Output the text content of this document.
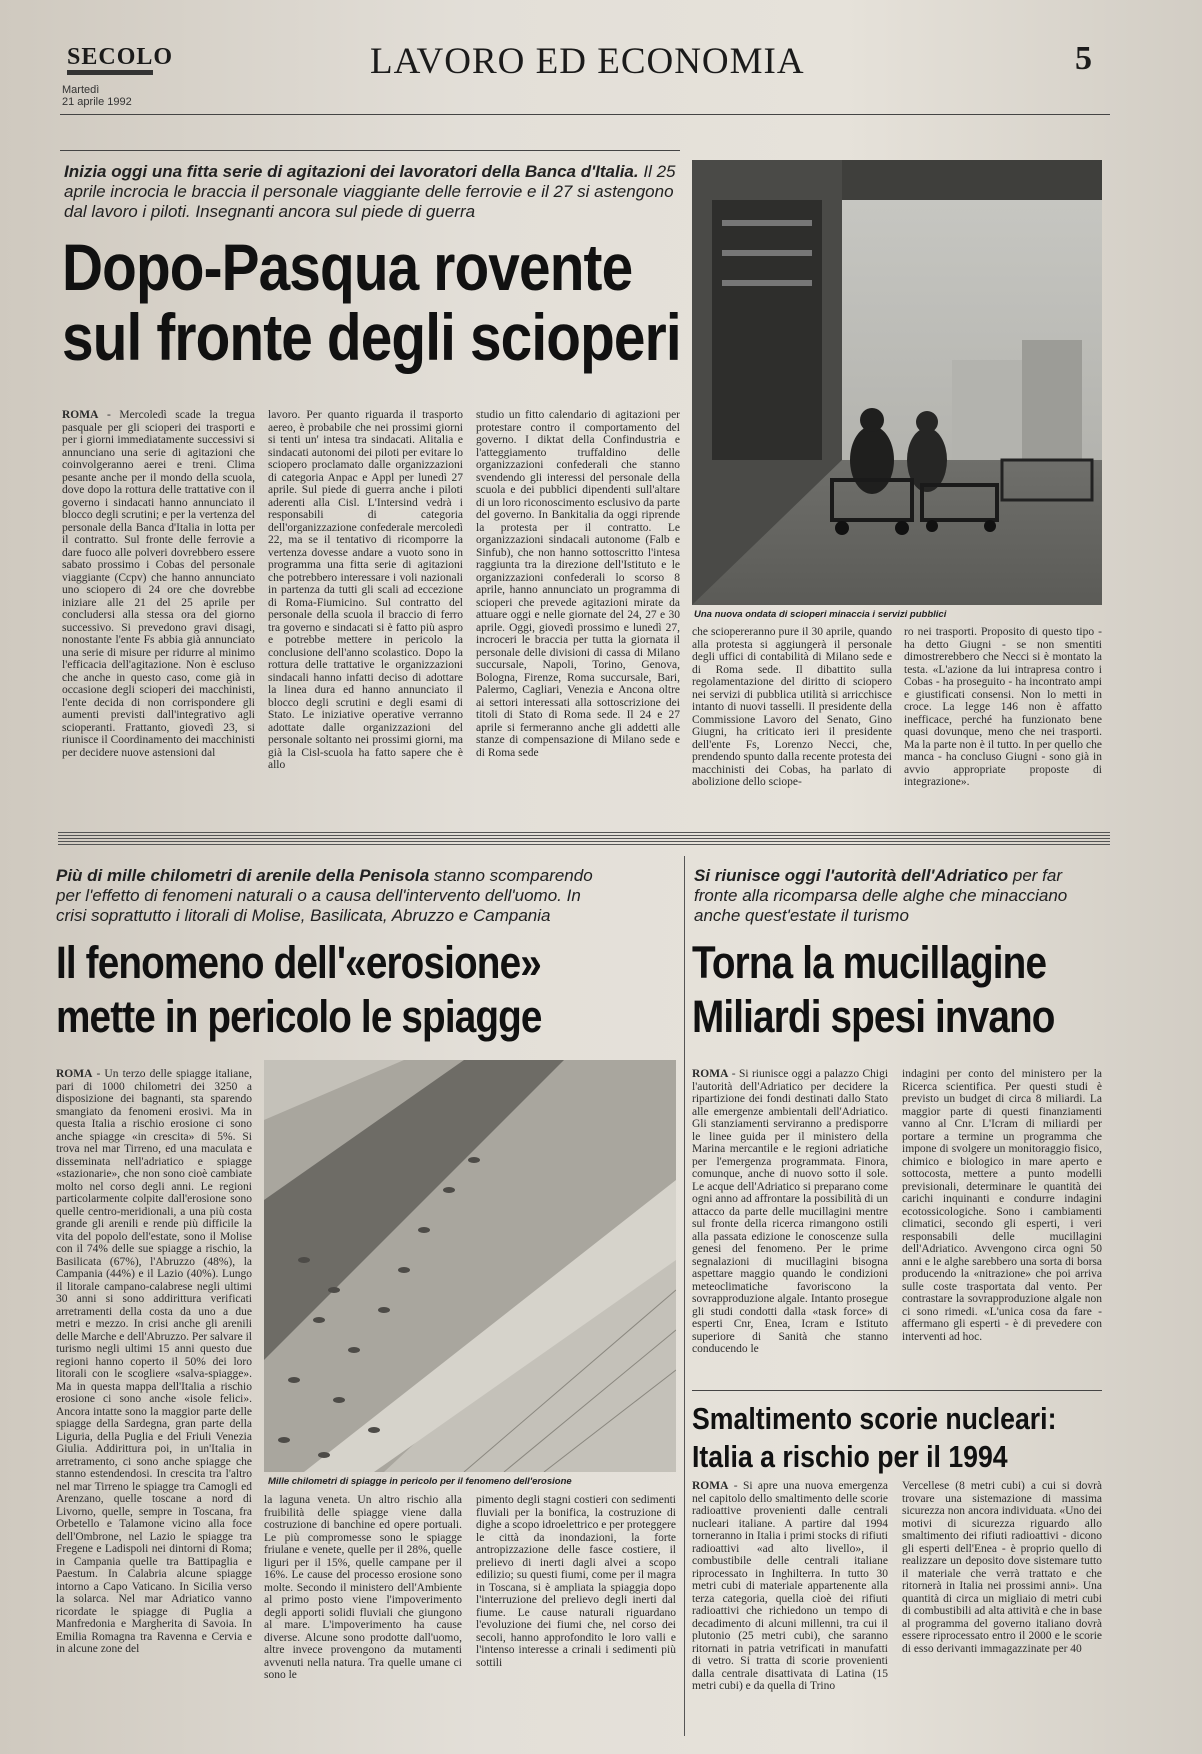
SECOLO
Martedì
21 aprile 1992
LAVORO ED ECONOMIA	5
Inizia oggi una fitta serie di agitazioni dei lavoratori della Banca d'Italia. Il 25 aprile incrocia le braccia il personale viaggiante delle ferrovie e il 27 si astengono dal lavoro i piloti. Insegnanti ancora sul piede di guerra
Dopo-Pasqua rovente
sul fronte degli scioperi
ROMA - Mercoledì scade la tregua pasquale per gli scioperi dei trasporti e per i giorni immediatamente successivi si annunciano una serie di agitazioni che coinvolgeranno aerei e treni. Clima pesante anche per il mondo della scuola, dove dopo la rottura delle trattative con il governo i sindacati hanno annunciato il blocco degli scrutini; e per la vertenza del personale della Banca d'Italia in lotta per il contratto. Sul fronte delle ferrovie a dare fuoco alle polveri dovrebbero essere sabato prossimo i Cobas del personale viaggiante (Ccpv) che hanno annunciato uno sciopero di 24 ore che dovrebbe iniziare alle 21 del 25 aprile per concludersi alla stessa ora del giorno successivo. Si prevedono gravi disagi, nonostante l'ente Fs abbia già annunciato una serie di misure per ridurre al minimo l'efficacia dell'agitazione. Non è escluso che anche in questo caso, come già in occasione degli scioperi dei macchinisti, l'ente decida di non corrispondere gli aumenti previsti dall'integrativo agli scioperanti. Frattanto, giovedì 23, si riunisce il Coordinamento dei macchinisti per decidere nuove astensioni dal
lavoro. Per quanto riguarda il trasporto aereo, è probabile che nei prossimi giorni si tenti un' intesa tra sindacati. Alitalia e sindacati autonomi dei piloti per evitare lo sciopero proclamato dalle organizzazioni di categoria Anpac e Appl per lunedì 27 aprile. Sul piede di guerra anche i piloti aderenti alla Cisl. L'Intersind vedrà i responsabili di categoria dell'organizzazione confederale mercoledì 22, ma se il tentativo di ricomporre la vertenza dovesse andare a vuoto sono in programma una fitta serie di agitazioni che potrebbero interessare i voli nazionali in partenza da tutti gli scali ad eccezione di Roma-Fiumicino. Sul contratto del personale della scuola il braccio di ferro tra governo e sindacati si è fatto più aspro e potrebbe mettere in pericolo la conclusione dell'anno scolastico. Dopo la rottura delle trattative le organizzazioni sindacali hanno infatti deciso di adottare la linea dura ed hanno annunciato il blocco degli scrutini e degli esami di Stato. Le iniziative operative verranno adottate dalle organizzazioni del personale soltanto nei prossimi giorni, ma già la Cisl-scuola ha fatto sapere che è allo
studio un fitto calendario di agitazioni per protestare contro il comportamento del governo. I diktat della Confindustria e l'atteggiamento truffaldino delle organizzazioni confederali che stanno svendendo gli interessi del personale della scuola e dei pubblici dipendenti sull'altare di un loro riconoscimento esclusivo da parte del governo. In Bankitalia da oggi riprende la protesta per il contratto. Le organizzazioni sindacali autonome (Falb e Sinfub), che non hanno sottoscritto l'intesa raggiunta tra la direzione dell'Istituto e le organizzazioni confederali lo scorso 8 aprile, hanno annunciato un programma di scioperi che prevede agitazioni mirate da attuare oggi e nelle giornate del 24, 27 e 30 aprile. Oggi, giovedì prossimo e lunedì 27, incroceri le braccia per tutta la giornata il personale delle divisioni di cassa di Milano succursale, Napoli, Torino, Genova, Bologna, Firenze, Roma succursale, Bari, Palermo, Cagliari, Venezia e Ancona oltre ai settori interessati alla sottoscrizione dei titoli di Stato di Roma sede. Il 24 e 27 aprile si fermeranno anche gli addetti alle stanze di compensazione di Milano sede e di Roma sede
Una nuova ondata di scioperi minaccia i servizi pubblici
che sciopereranno pure il 30 aprile, quando alla protesta si aggiungerà il personale degli uffici di contabilità di Milano sede e di Roma sede. Il dibattito sulla regolamentazione del diritto di sciopero nei servizi di pubblica utilità si arricchisce intanto di nuovi tasselli. Il presidente della Commissione Lavoro del Senato, Gino Giugni, ha criticato ieri il presidente dell'ente Fs, Lorenzo Necci, che, prendendo spunto dalla recente protesta dei macchinisti dei Cobas, ha parlato di abolizione dello sciope-
ro nei trasporti. Proposito di questo tipo - ha detto Giugni - se non smentiti dimostrerebbero che Necci si è montato la testa. «L'azione da lui intrapresa contro i Cobas - ha proseguito - ha incontrato ampi e giustificati consensi. Non lo metti in croce. La legge 146 non è affatto inefficace, perché ha funzionato bene quasi dovunque, meno che nei trasporti. Ma la parte non è il tutto. In per quello che manca - ha concluso Giugni - sono già in avvio appropriate proposte di integrazione».
Più di mille chilometri di arenile della Penisola stanno scomparendo per l'effetto di fenomeni naturali o a causa dell'intervento dell'uomo. In crisi soprattutto i litorali di Molise, Basilicata, Abruzzo e Campania
Il fenomeno dell'«erosione»
mette in pericolo le spiagge
ROMA - Un terzo delle spiagge italiane, pari di 1000 chilometri dei 3250 a disposizione dei bagnanti, sta sparendo smangiato da fenomeni erosivi. Ma in questa Italia a rischio erosione ci sono anche spiagge «in crescita» di 5%. Si trova nel mar Tirreno, ed una maculata e disseminata nell'adriatico e spiagge «stazionarie», che non sono cioè cambiate molto nel corso degli anni. Le regioni particolarmente colpite dall'erosione sono quelle centro-meridionali, a una più costa grande gli arenili e rende più difficile la vita del popolo dell'estate, sono il Molise con il 74% delle sue spiagge a rischio, la Basilicata (67%), l'Abruzzo (48%), la Campania (44%) e il Lazio (40%). Lungo il litorale campano-calabrese negli ultimi 30 anni si sono addirittura verificati arretramenti della costa da uno a due metri e mezzo. In crisi anche gli arenili delle Marche e dell'Abruzzo. Per salvare il turismo negli ultimi 15 anni questo due regioni hanno coperto il 50% dei loro litorali con le scogliere «salva-spiagge». Ma in questa mappa dell'Italia a rischio erosione ci sono anche «isole felici». Ancora intatte sono la maggior parte delle spiagge della Sardegna, gran parte della Liguria, della Puglia e del Friuli Venezia Giulia. Addirittura poi, in un'Italia in arretramento, ci sono anche spiagge che stanno estendendosi. In crescita tra l'altro nel mar Tirreno le spiagge tra Camogli ed Arenzano, quelle toscane a nord di Livorno, quelle, sempre in Toscana, fra Orbetello e Talamone vicino alla foce dell'Ombrone, nel Lazio le spiagge tra Fregene e Ladispoli nei dintorni di Roma; in Campania quelle tra Battipaglia e Paestum. In Calabria alcune spiagge intorno a Capo Vaticano. In Sicilia verso la solarca. Nel mar Adriatico vanno ricordate le spiagge di Puglia a Manfredonia e Margherita di Savoia. In Emilia Romagna tra Ravenna e Cervia e in alcune zone del
Mille chilometri di spiagge in pericolo per il fenomeno dell'erosione
la laguna veneta. Un altro rischio alla fruibilità delle spiagge viene dalla costruzione di banchine ed opere portuali. Le più compromesse sono le spiagge friulane e venete, quelle per il 28%, quelle liguri per il 15%, quelle campane per il 16%. Le cause del processo erosione sono molte. Secondo il ministero dell'Ambiente al primo posto viene l'impoverimento degli apporti solidi fluviali che giungono al mare. L'impoverimento ha cause diverse. Alcune sono prodotte dall'uomo, altre invece provengono da mutamenti avvenuti nella natura. Tra quelle umane ci sono le
pimento degli stagni costieri con sedimenti fluviali per la bonifica, la costruzione di dighe a scopo idroelettrico e per proteggere le città da inondazioni, la forte antropizzazione delle fasce costiere, il prelievo di inerti dagli alvei a scopo edilizio; su questi fiumi, come per il magra in Toscana, si è ampliata la spiaggia dopo l'interruzione del prelievo degli inerti dal fiume. Le cause naturali riguardano l'evoluzione dei fiumi che, nel corso dei secoli, hanno approfondito le loro valli e l'intenso interesse a crinali i sedimenti più sottili
Si riunisce oggi l'autorità dell'Adriatico per far fronte alla ricomparsa delle alghe che minacciano anche quest'estate il turismo
Torna la mucillagine
Miliardi spesi invano
ROMA - Si riunisce oggi a palazzo Chigi l'autorità dell'Adriatico per decidere la ripartizione dei fondi destinati dallo Stato alle emergenze ambientali dell'Adriatico. Gli stanziamenti serviranno a predisporre le linee guida per il ministero della Marina mercantile e le regioni adriatiche per l'emergenza programmata. Finora, comunque, anche di nuovo sotto il sole. Le acque dell'Adriatico si preparano come ogni anno ad affrontare la possibilità di un attacco da parte delle mucillagini mentre sul fronte della ricerca rimangono ostili alla passata edizione le conoscenze sulla genesi del fenomeno. Per le prime segnalazioni di mucillagini bisogna aspettare maggio quando le condizioni meteoclimatiche favoriscono la sovrapproduzione algale. Intanto prosegue gli studi condotti dalla «task force» di esperti Cnr, Enea, Icram e Istituto superiore di Sanità che stanno conducendo le
indagini per conto del ministero per la Ricerca scientifica. Per questi studi è previsto un budget di circa 8 miliardi. La maggior parte di questi finanziamenti vanno al Cnr. L'Icram di miliardi per portare a termine un programma che impone di svolgere un monitoraggio fisico, chimico e biologico in mare aperto e sottocosta, mettere a punto modelli previsionali, determinare le quantità dei carichi inquinanti e condurre indagini ecotossicologiche. Sono i cambiamenti climatici, secondo gli esperti, i veri responsabili delle mucillagini dell'Adriatico. Avvengono circa ogni 50 anni e le alghe sarebbero una sorta di borsa producendo la «nitrazione» che poi arriva sulle coste trasportata dal vento. Per contrastare la sovrapproduzione algale non ci sono rimedi. «L'unica cosa da fare - affermano gli esperti - è di prevedere con interventi ad hoc.
Smaltimento scorie nucleari:
Italia a rischio per il 1994
ROMA - Si apre una nuova emergenza nel capitolo dello smaltimento delle scorie radioattive provenienti dalle centrali nucleari italiane. A partire dal 1994 torneranno in Italia i primi stocks di rifiuti radioattivi «ad alto livello», il combustibile delle centrali italiane riprocessato in Inghilterra. In tutto 30 metri cubi di materiale appartenente alla terza categoria, quella cioè dei rifiuti radioattivi che richiedono un tempo di decadimento di alcuni millenni, tra cui il plutonio (25 metri cubi), che saranno ritornati in patria vetrificati in manufatti di vetro. Si tratta di scorie provenienti dalla centrale disattivata di Latina (15 metri cubi) e da quella di Trino
Vercellese (8 metri cubi) a cui si dovrà trovare una sistemazione di massima sicurezza non ancora individuata. «Uno dei motivi di sicurezza riguardo allo smaltimento dei rifiuti radioattivi - dicono gli esperti dell'Enea - è proprio quello di realizzare un deposito dove sistemare tutto il materiale che verrà trattato e che ritornerà in Italia nei prossimi anni». Una quantità di circa un migliaio di metri cubi di combustibili ad alta attività e che in base al programma del governo italiano dovrà essere riprocessato entro il 2000 e le scorie di esso derivanti immagazzinate per 40
